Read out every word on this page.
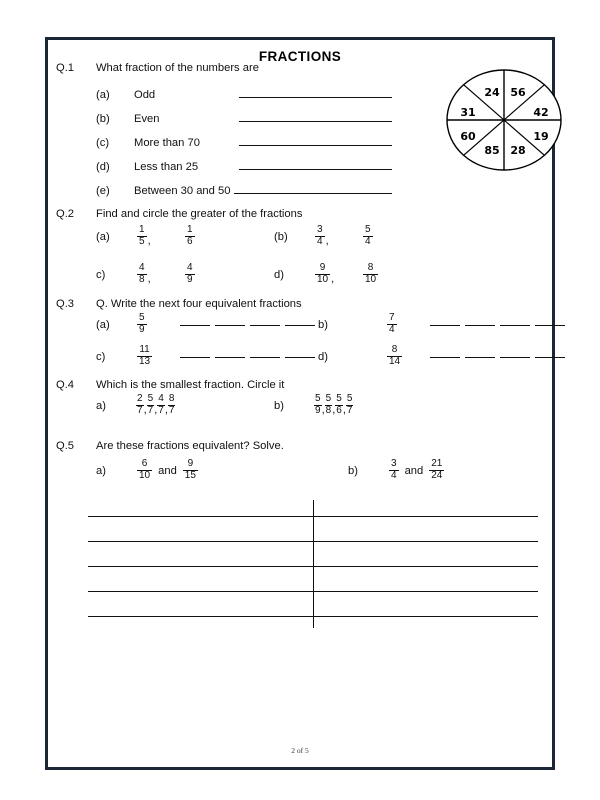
FRACTIONS
Q.1	What fraction of the numbers are
(a)	Odd
(b)	Even
(c)	More than 70
(d)	Less than 25
(e)	Between 30 and 50
24 56
42
19
28
85
60
31
Q.2	Find and circle the greater of the fractions
(a)	$\frac{1}{5}$ ,	$\frac{1}{6}$	(b)	$\frac{3}{4}$ ,	$\frac{5}{4}$
c)	$\frac{4}{8}$ ,	$\frac{4}{9}$	d)	$\frac{9}{10}$ ,	$\frac{8}{10}$
Q.3	Q. Write the next four equivalent fractions
(a)	$\frac{5}{9}$	b)	$\frac{7}{4}$
c)	$\frac{11}{13}$	d)	$\frac{8}{14}$
Q.4	Which is the smallest fraction. Circle it
a)	$\frac{2}{7}$ , $\frac{5}{7}$ , $\frac{4}{7}$ , $\frac{8}{7}$	b)	$\frac{5}{9}$ , $\frac{5}{8}$ , $\frac{5}{6}$ , $\frac{5}{7}$
Q.5	Are these fractions equivalent? Solve.
a)	$\frac{6}{10}$ and $\frac{9}{15}$	b)	$\frac{3}{4}$ and $\frac{21}{24}$
2 of 5
